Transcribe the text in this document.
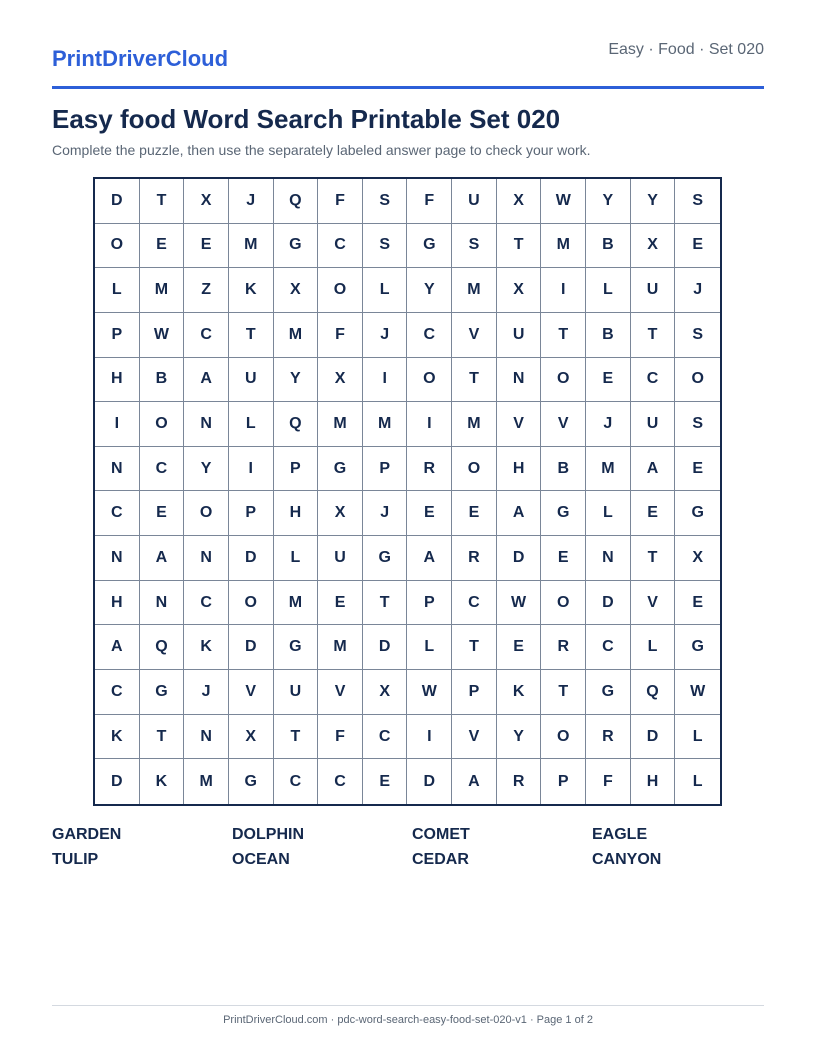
PrintDriverCloud	Easy · Food · Set 020
Easy food Word Search Printable Set 020

Complete the puzzle, then use the separately labeled answer page to check your work.

D	T	X	J	Q	F	S	F	U	X	W	Y	Y	S
O	E	E	M	G	C	S	G	S	T	M	B	X	E
L	M	Z	K	X	O	L	Y	M	X	I	L	U	J
P	W	C	T	M	F	J	C	V	U	T	B	T	S
H	B	A	U	Y	X	I	O	T	N	O	E	C	O
I	O	N	L	Q	M	M	I	M	V	V	J	U	S
N	C	Y	I	P	G	P	R	O	H	B	M	A	E
C	E	O	P	H	X	J	E	E	A	G	L	E	G
N	A	N	D	L	U	G	A	R	D	E	N	T	X
H	N	C	O	M	E	T	P	C	W	O	D	V	E
A	Q	K	D	G	M	D	L	T	E	R	C	L	G
C	G	J	V	U	V	X	W	P	K	T	G	Q	W
K	T	N	X	T	F	C	I	V	Y	O	R	D	L
D	K	M	G	C	C	E	D	A	R	P	F	H	L
GARDEN	DOLPHIN	COMET	EAGLE
TULIP	OCEAN	CEDAR	CANYON
PrintDriverCloud.com · pdc-word-search-easy-food-set-020-v1 · Page 1 of 2
